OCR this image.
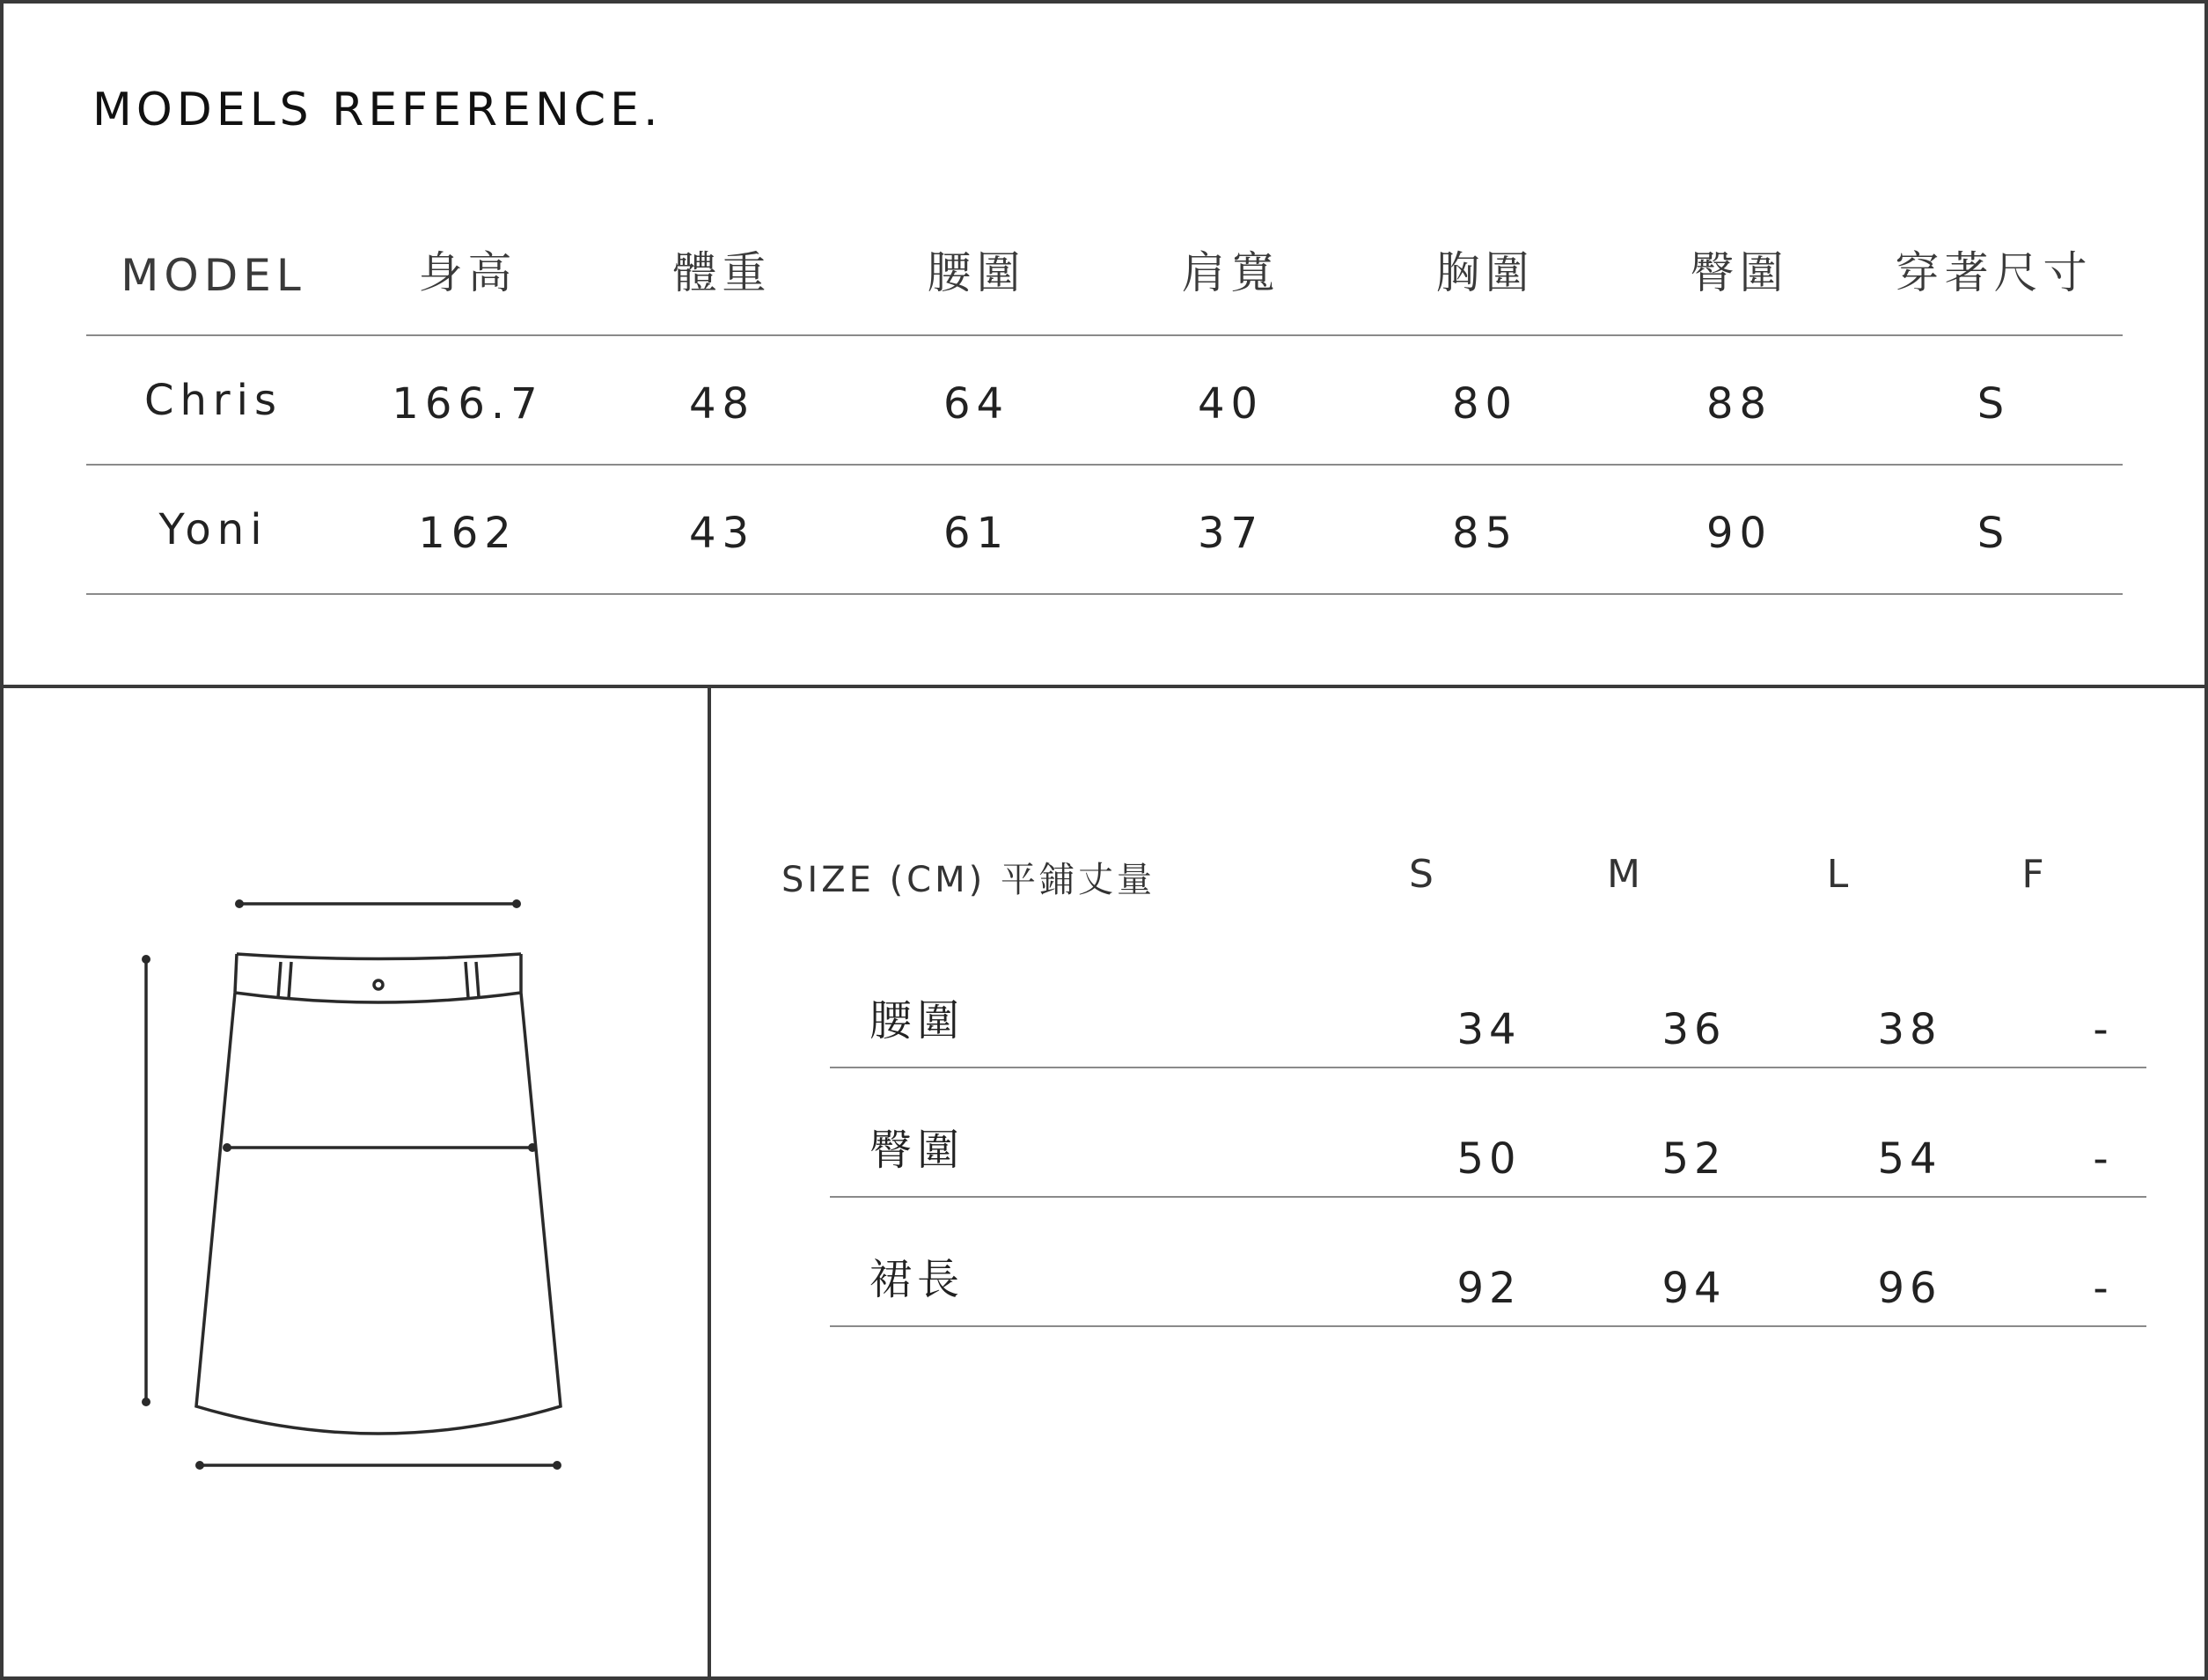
MODELS REFERENCE.
MODEL	身高	體重	腰圍	肩寬	胸圍	臀圍	穿著尺寸
Chris	166.7	48	64	40	80	88	S
Yoni	162	43	61	37	85	90	S
SIZE (CM) 平鋪丈量	S	M	L	F
腰圍	34	36	38	-
臀圍	50	52	54	-
裙長	92	94	96	-
